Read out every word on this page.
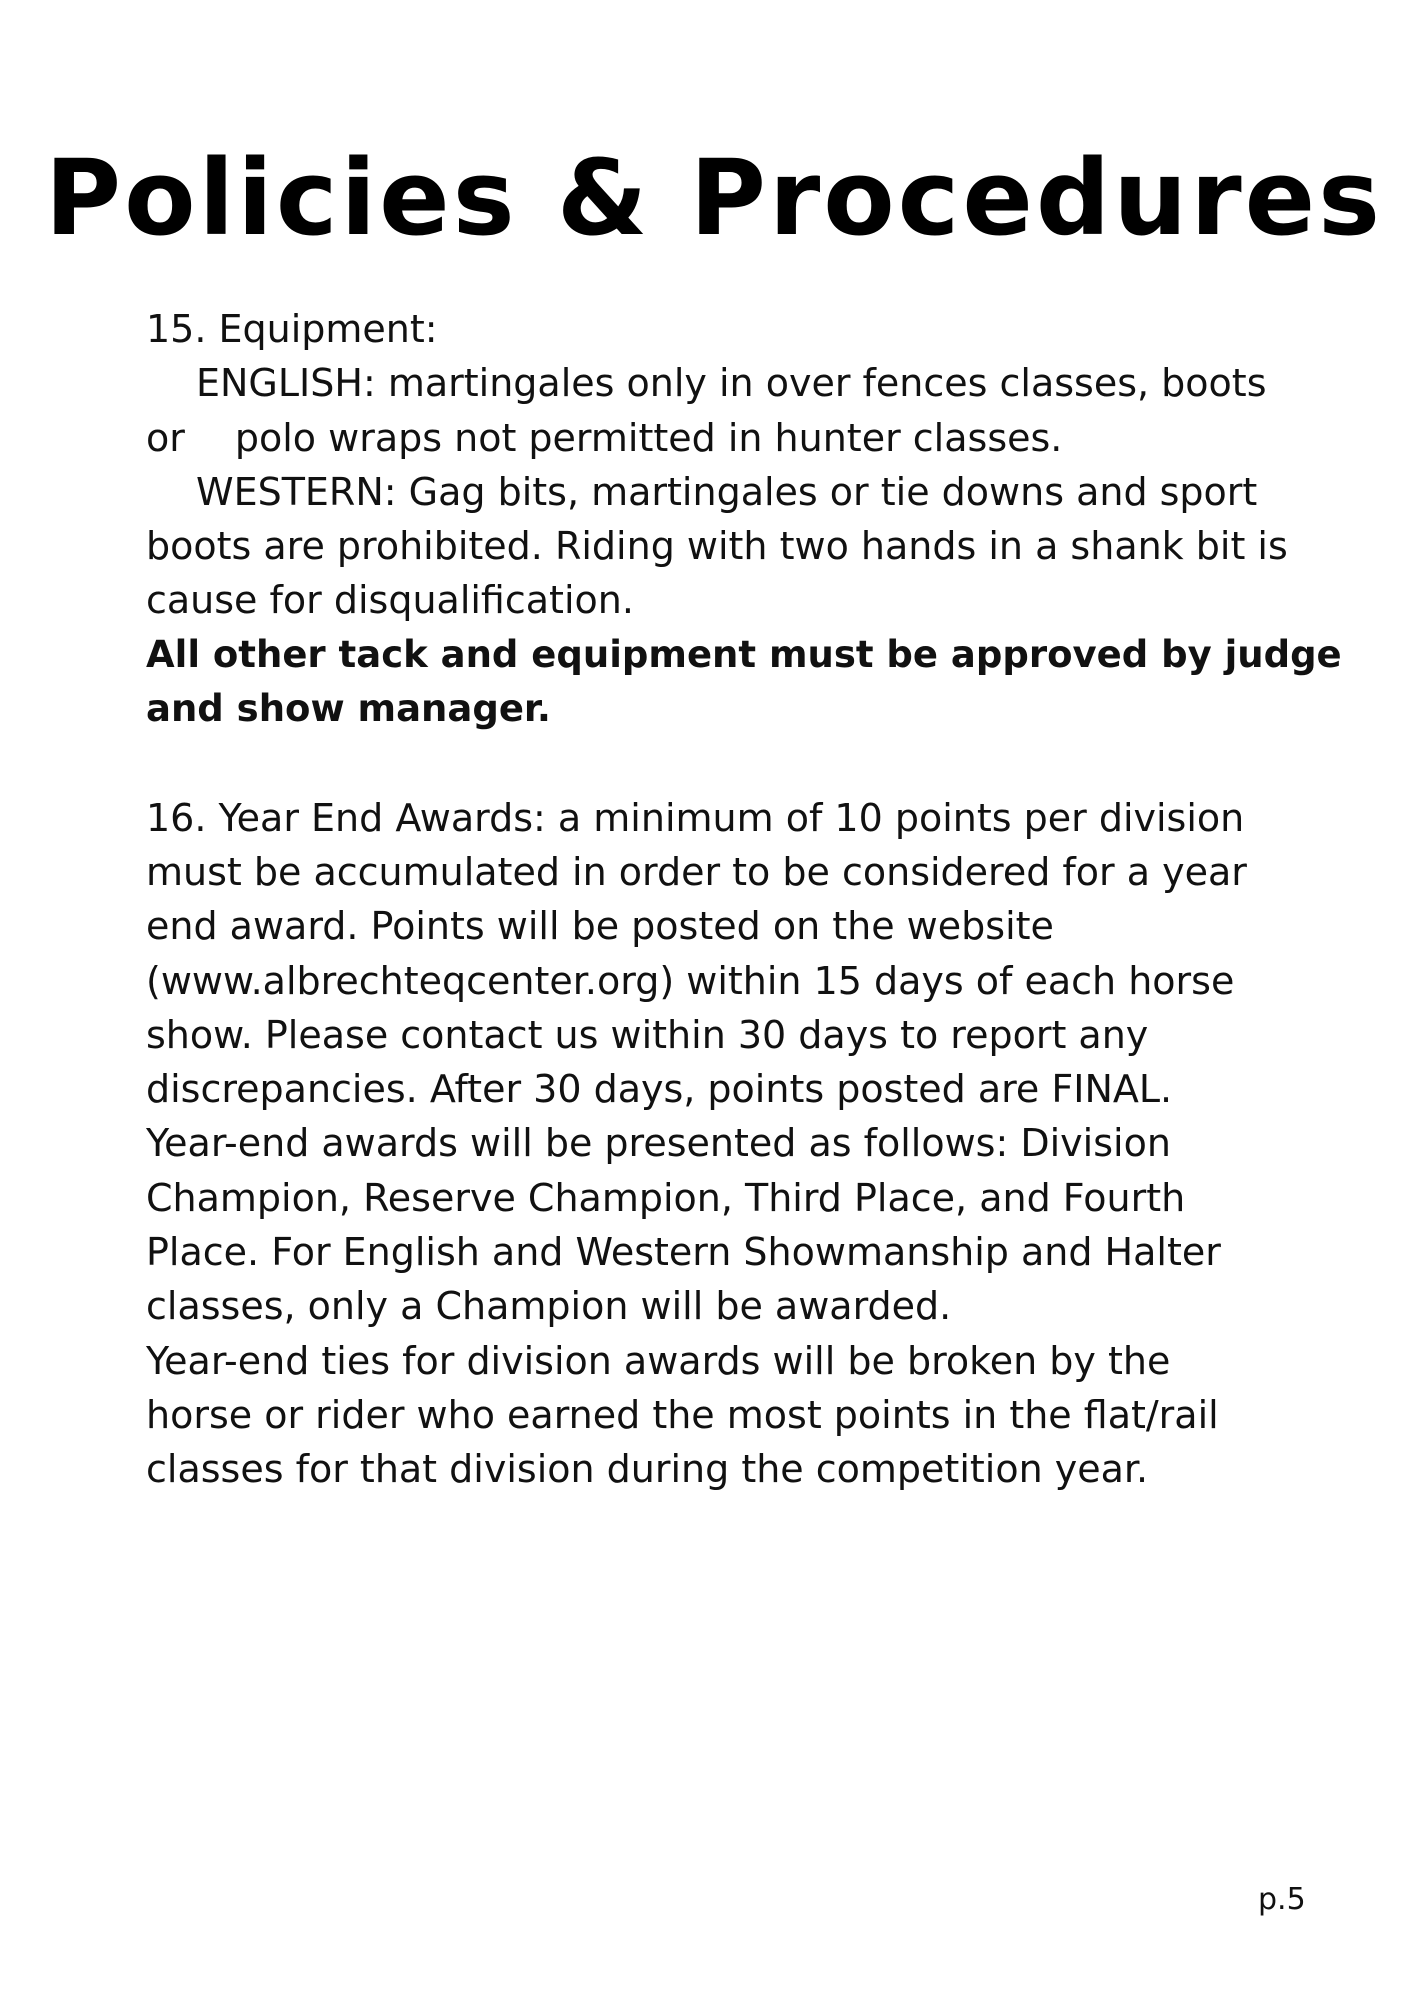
Policies & Procedures
15. Equipment:
ENGLISH: martingales only in over fences classes, boots
or polo wraps not permitted in hunter classes.
WESTERN: Gag bits, martingales or tie downs and sport
boots are prohibited. Riding with two hands in a shank bit is
cause for disqualification.
All other tack and equipment must be approved by judge
and show manager.
16. Year End Awards: a minimum of 10 points per division
must be accumulated in order to be considered for a year
end award. Points will be posted on the website
(www.albrechteqcenter.org) within 15 days of each horse
show. Please contact us within 30 days to report any
discrepancies. After 30 days, points posted are FINAL.
Year-end awards will be presented as follows: Division
Champion, Reserve Champion, Third Place, and Fourth
Place. For English and Western Showmanship and Halter
classes, only a Champion will be awarded.
Year-end ties for division awards will be broken by the
horse or rider who earned the most points in the flat/rail
classes for that division during the competition year.
p.5
